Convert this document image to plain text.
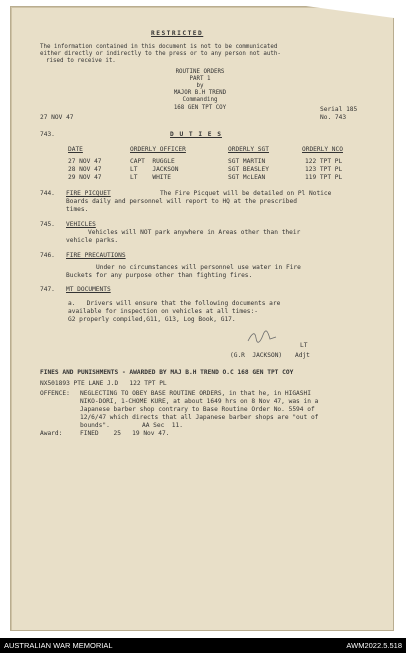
RESTRICTED
The information contained in this document is not to be communicated
either directly or indirectly to the press or to any person not auth-
rised to receive it.
ROUTINE ORDERS
PART 1
by
MAJOR B.H TREND
Commanding
168 GEN TPT COY
27 NOV 47
Serial 185
No. 743
743.	D U T I E S
DATE	ORDERLY OFFICER	ORDERLY SGT	ORDERLY NCO
27 NOV 47	CAPT  RUGGLE	SGT MARTIN	122 TPT PL
28 NOV 47	LT    JACKSON	SGT BEASLEY	123 TPT PL
29 NOV 47	LT    WHITE	SGT McLEAN	119 TPT PL
744. FIRE PICQUET	The Fire Picquet will be detailed on Pl Notice
Boards daily and personnel will report to HQ at the prescribed
times.
745. VEHICLES
Vehicles will NOT park anywhere in Areas other than their
vehicle parks.
746. FIRE PRECAUTIONS
Under no circumstances will personnel use water in Fire
Buckets for any purpose other than fighting fires.
747. MT DOCUMENTS
a.   Drivers will ensure that the following documents are
available for inspection on vehicles at all times:-
G2 properly compiled,G11, G13, Log Book, G17.
LT
(G.R  JACKSON) Adjt
FINES AND PUNISHMENTS - AWARDED BY MAJ B.H TREND O.C 168 GEN TPT COY
NX501893 PTE LANE J.D   122 TPT PL
OFFENCE: NEGLECTING TO OBEY BASE ROUTINE ORDERS, in that he, in HIGASHI
NIKO-DORI, 1-CHOME KURE, at about 1649 hrs on 8 Nov 47, was in a
Japanese barber shop contrary to Base Routine Order No. 5594 of
12/6/47 which directs that all Japanese barber shops are "out of
bounds".	AA Sec  11.
Award:	FINED    25   19 Nov 47.
AUSTRALIAN WAR MEMORIAL	AWM2022.5.518
